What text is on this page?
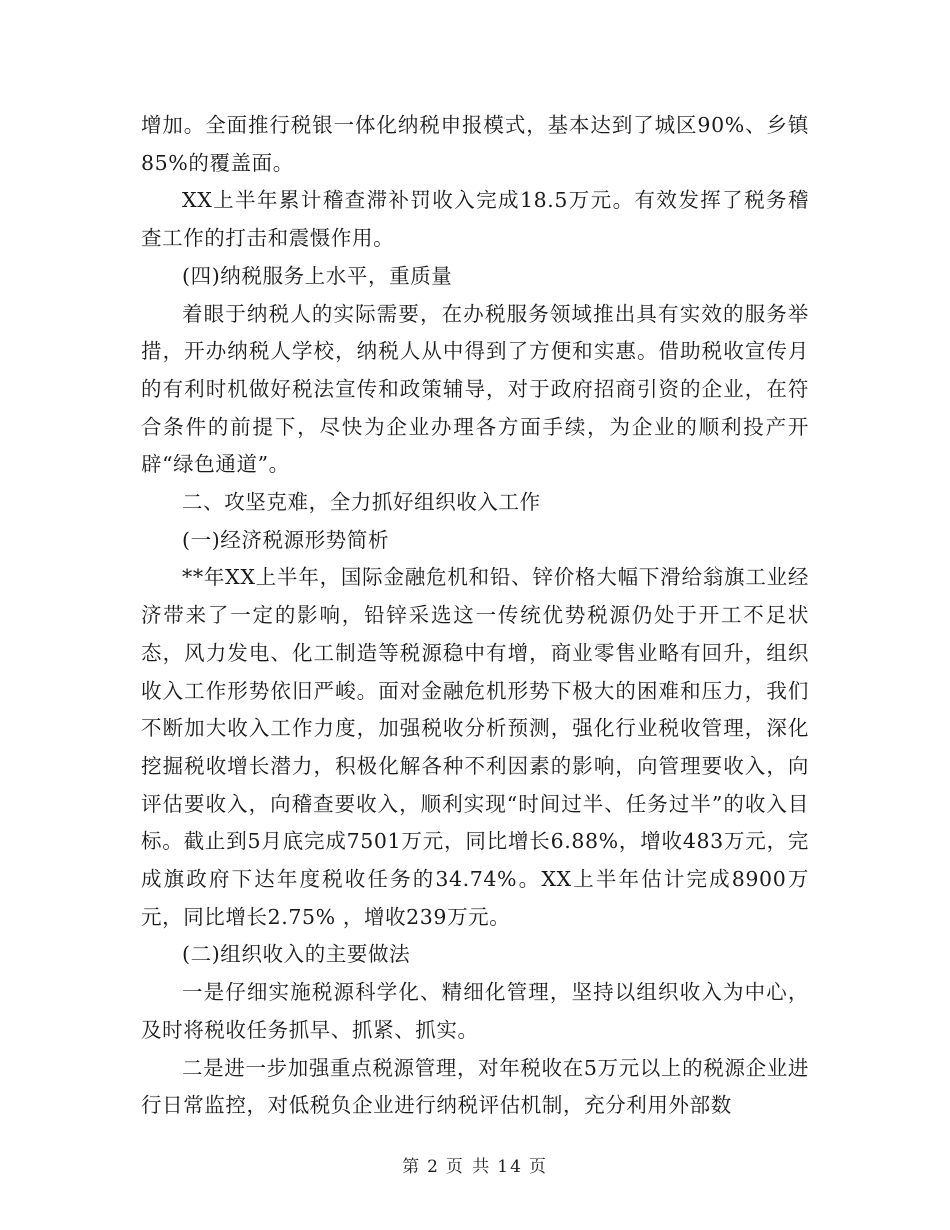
增加。全面推行税银一体化纳税申报模式，基本达到了城区90%、乡镇85%的覆盖面。

XX上半年累计稽查滞补罚收入完成18.5万元。有效发挥了税务稽查工作的打击和震慑作用。

(四)纳税服务上水平，重质量

着眼于纳税人的实际需要，在办税服务领域推出具有实效的服务举措，开办纳税人学校，纳税人从中得到了方便和实惠。借助税收宣传月的有利时机做好税法宣传和政策辅导，对于政府招商引资的企业，在符合条件的前提下，尽快为企业办理各方面手续，为企业的顺利投产开辟“绿色通道”。

二、攻坚克难，全力抓好组织收入工作

(一)经济税源形势简析

**年XX上半年，国际金融危机和铅、锌价格大幅下滑给翁旗工业经济带来了一定的影响，铅锌采选这一传统优势税源仍处于开工不足状态，风力发电、化工制造等税源稳中有增，商业零售业略有回升，组织收入工作形势依旧严峻。面对金融危机形势下极大的困难和压力，我们不断加大收入工作力度，加强税收分析预测，强化行业税收管理，深化挖掘税收增长潜力，积极化解各种不利因素的影响，向管理要收入，向评估要收入，向稽查要收入，顺利实现“时间过半、任务过半”的收入目标。截止到5月底完成7501万元，同比增长6.88%，增收483万元，完成旗政府下达年度税收任务的34.74%。XX上半年估计完成8900万元，同比增长2.75% ，增收239万元。

(二)组织收入的主要做法

一是仔细实施税源科学化、精细化管理，坚持以组织收入为中心，及时将税收任务抓早、抓紧、抓实。

二是进一步加强重点税源管理，对年税收在5万元以上的税源企业进行日常监控，对低税负企业进行纳税评估机制，充分利用外部数

第 2 页 共 14 页
